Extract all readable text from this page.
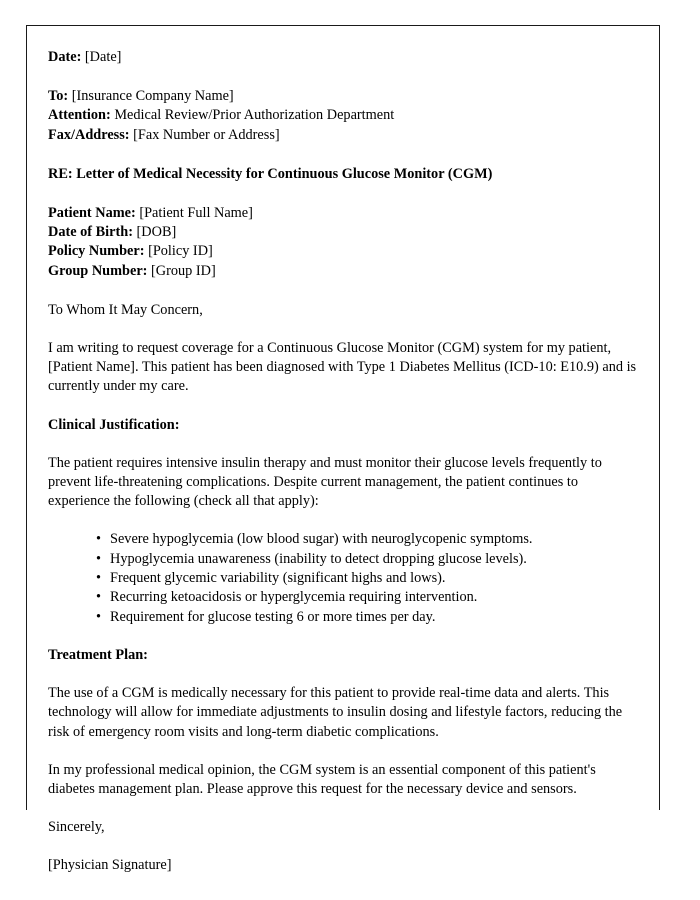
Date: [Date]
To: [Insurance Company Name]
Attention: Medical Review/Prior Authorization Department
Fax/Address: [Fax Number or Address]
RE: Letter of Medical Necessity for Continuous Glucose Monitor (CGM)
Patient Name: [Patient Full Name]
Date of Birth: [DOB]
Policy Number: [Policy ID]
Group Number: [Group ID]
To Whom It May Concern,

I am writing to request coverage for a Continuous Glucose Monitor (CGM) system for my patient, [Patient Name]. This patient has been diagnosed with Type 1 Diabetes Mellitus (ICD-10: E10.9) and is currently under my care.

Clinical Justification:

The patient requires intensive insulin therapy and must monitor their glucose levels frequently to prevent life-threatening complications. Despite current management, the patient continues to experience the following (check all that apply):

• Severe hypoglycemia (low blood sugar) with neuroglycopenic symptoms.
• Hypoglycemia unawareness (inability to detect dropping glucose levels).
• Frequent glycemic variability (significant highs and lows).
• Recurring ketoacidosis or hyperglycemia requiring intervention.
• Requirement for glucose testing 6 or more times per day.
Treatment Plan:

The use of a CGM is medically necessary for this patient to provide real-time data and alerts. This technology will allow for immediate adjustments to insulin dosing and lifestyle factors, reducing the risk of emergency room visits and long-term diabetic complications.

In my professional medical opinion, the CGM system is an essential component of this patient's diabetes management plan. Please approve this request for the necessary device and sensors.

Sincerely,
[Physician Signature]
